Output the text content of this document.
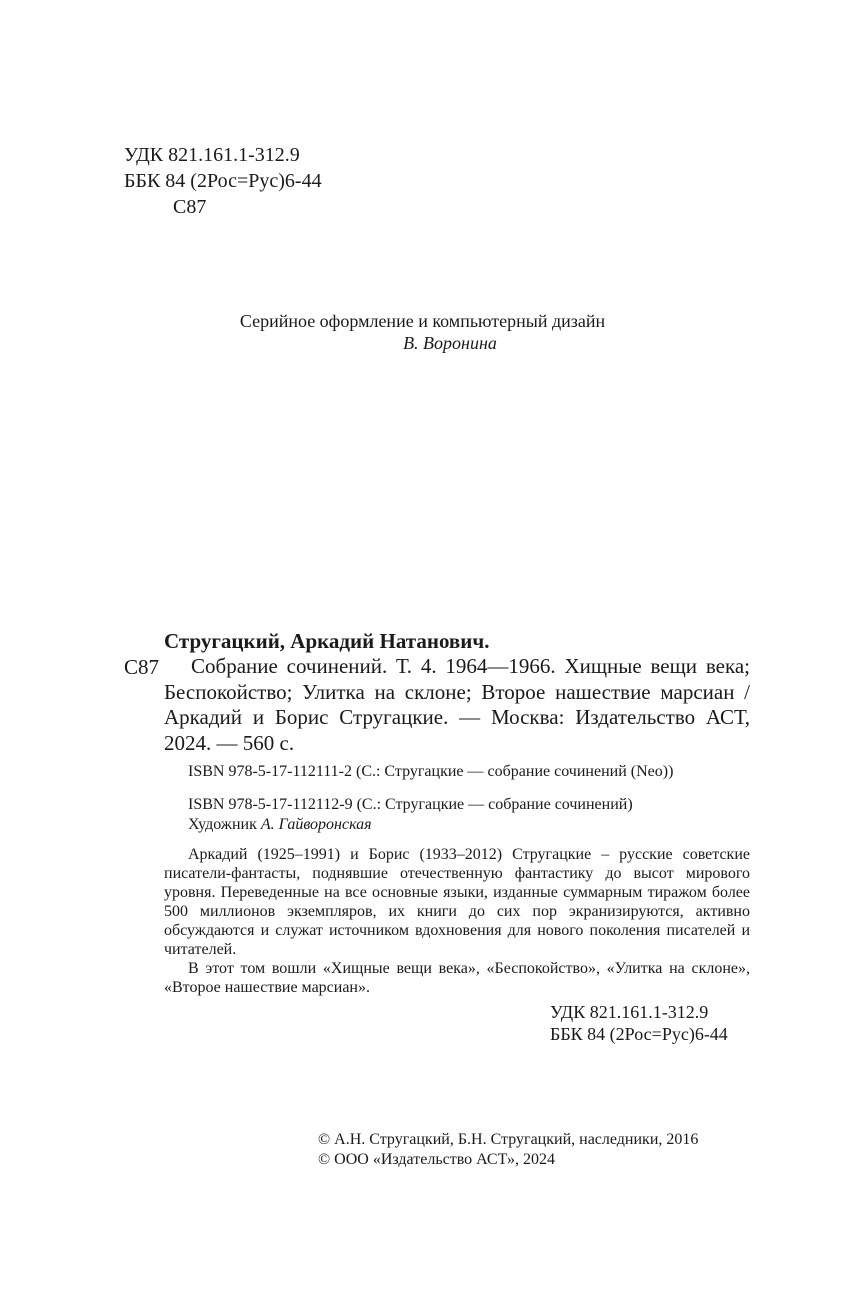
УДК 821.161.1-312.9
ББК 84 (2Рос=Рус)6-44
С87
Серийное оформление и компьютерный дизайн
В. Воронина
Стругацкий, Аркадий Натанович.
С87	Собрание сочинений. Т. 4. 1964—1966. Хищные вещи века; Беспокойство; Улитка на склоне; Второе нашествие марсиан / Аркадий и Борис Стругацкие. — Москва: Издательство АСТ, 2024. — 560 с.
ISBN 978-5-17-112111-2 (С.: Стругацкие — собрание сочинений (Neo))
ISBN 978-5-17-112112-9 (С.: Стругацкие — собрание сочинений)
Художник А. Гайворонская

Аркадий (1925–1991) и Борис (1933–2012) Стругацкие – русские советские писатели-фантасты, поднявшие отечественную фантастику до высот мирового уровня. Переведенные на все основные языки, изданные суммарным тиражом более 500 миллионов экземпляров, их книги до сих пор экранизируются, активно обсуждаются и служат источником вдохновения для нового поколения писателей и читателей.

В этот том вошли «Хищные вещи века», «Беспокойство», «Улитка на склоне», «Второе нашествие марсиан».

УДК 821.161.1-312.9
ББК 84 (2Рос=Рус)6-44
© А.Н. Стругацкий, Б.Н. Стругацкий, наследники, 2016
© ООО «Издательство АСТ», 2024
